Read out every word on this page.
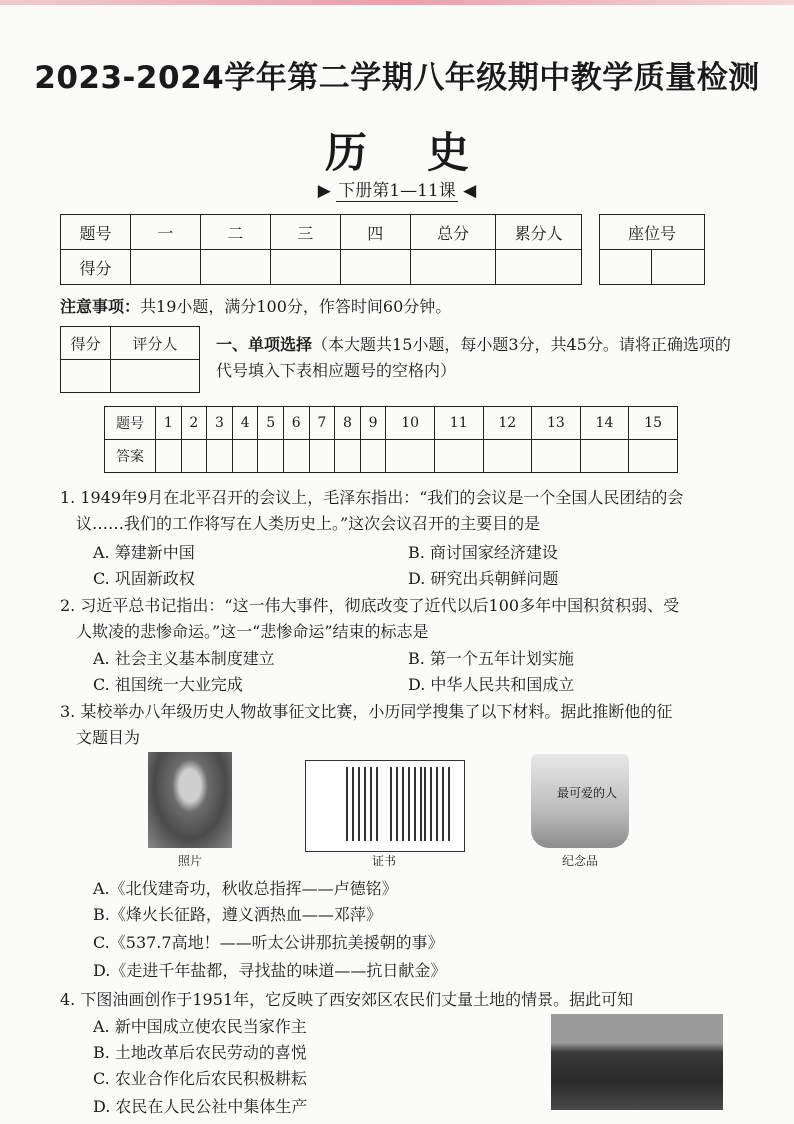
2023-2024学年第二学期八年级期中教学质量检测
历史
▶ 下册第1—11课 ◀
题号	一	二	三	四	总分	累分人
得分						
座位号

注意事项：共19小题，满分100分，作答时间60分钟。
得分	评分人
	一、单项选择（本大题共15小题，每小题3分，共45分。请将正确选项的代号填入下表相应题号的空格内）
题号	1	2	3	4	5	6	7	8	9	10	11	12	13	14	15
答案															
1. 1949年9月在北平召开的会议上，毛泽东指出：“我们的会议是一个全国人民团结的会
议……我们的工作将写在人类历史上。”这次会议召开的主要目的是
A. 筹建新中国	B. 商讨国家经济建设
C. 巩固新政权	D. 研究出兵朝鲜问题
2. 习近平总书记指出：“这一伟大事件，彻底改变了近代以后100多年中国积贫积弱、受
人欺凌的悲惨命运。”这一“悲惨命运”结束的标志是
A. 社会主义基本制度建立	B. 第一个五年计划实施
C. 祖国统一大业完成	D. 中华人民共和国成立
3. 某校举办八年级历史人物故事征文比赛，小历同学搜集了以下材料。据此推断他的征
文题目为
照片	证书
最可爱的人
纪念品
A.《北伐建奇功，秋收总指挥——卢德铭》
B.《烽火长征路，遵义洒热血——邓萍》
C.《537.7高地！——听太公讲那抗美援朝的事》
D.《走进千年盐都，寻找盐的味道——抗日献金》
4. 下图油画创作于1951年，它反映了西安郊区农民们丈量土地的情景。据此可知
A. 新中国成立使农民当家作主
B. 土地改革后农民劳动的喜悦
C. 农业合作化后农民积极耕耘
D. 农民在人民公社中集体生产
